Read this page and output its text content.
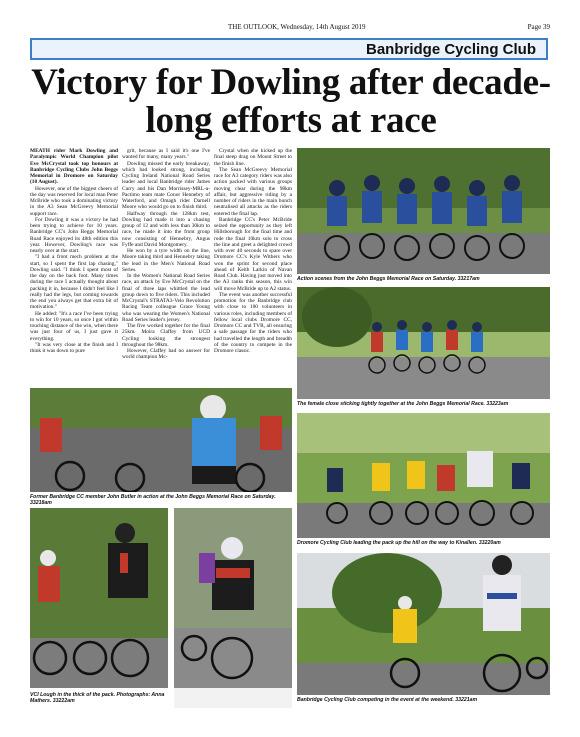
THE OUTLOOK, Wednesday, 14th August 2019	Page 39
Banbridge Cycling Club
Victory for Dowling after decade-long efforts at race

MEATH rider Mark Dowling and Paralympic World Champion pilot Eve McCrystal took top honours at Banbridge Cycling Clubs John Beggs Memorial in Dromore on Saturday (10 August).

However, one of the biggest cheers of the day was reserved for local man Peter McBride who took a dominating victory in the A3 Sean McGreevy Memorial support race.

For Dowling it was a victory he had been trying to achieve for 10 years. Banbridge CC's John Beggs Memorial Road Race enjoyed its 48th edition this year. However, Dowling's race was nearly over at the start.

"I had a front mech problem at the start, so I spent the first lap chasing," Dowling said. "I think I spent most of the day on the back foot. Many times during the race I actually thought about packing it in, because I didn't feel like I really had the legs, but coming towards the end you always get that extra bit of motivation."

He added: "It's a race I've been trying to win for 10 years, so once I got within touching distance of the win, when there was just four of us, I just gave it everything.

"It was very close at the finish and I think it was down to pure

grit, because as I said it's one I've wanted for many, many years."

Dowling missed the early breakaway, which had looked strong, including Cycling Ireland National Road Series leader and local Banbridge rider James Curry and his Dan Morrissey-MRL-a-Pactimo team mate Conor Hennebry of Waterford, and Omagh rider Darnell Moore who would go on to finish third.

Halfway through the 128km test, Dowling had made it into a chasing group of 12 and with less than 30km to race, he made it into the front group now consisting of Hennebry, Angus Fyffe and David Montgomery.

He won by a tyre width on the line, Moore taking third and Hennebry taking the lead in the Men's National Road Series.

In the Women's National Road Series race, an attack by Eve McCrystal on the final of three laps whittled the lead group down to five riders. This included McCrystal's STRATA3-Velo Revolution Racing Team colleague Grace Young who was wearing the Women's National Road Series leader's jersey.

The five worked together for the final 25km. Moira Claffey from UCD Cycling looking the strongest throughout the 98km.

However, Claffey had no answer for world champion Mc-

Crystal when she kicked up the final steep drag on Mount Street to the finish line.

The Sean McGreevy Memorial race for A3 category riders was also action packed with various groups moving clear during the 98km affair, but aggressive riding by a number of riders in the main bunch neutralised all attacks as the riders entered the final lap.

Banbridge CC's Peter McBride seized the opportunity as they left Hillsborough for the final time and rode the final 10km solo to cross the line and greet a delighted crowd with over 40 seconds to spare over Dromore CC's Kyle Withers who won the sprint for second place ahead of Keith Larkin of Navan Road Club. Having just moved into the A3 ranks this season, this win will move McBride up to A2 status.

The event was another successful promotion for the Banbridge club with close to 100 volunteers in various roles, including members of fellow local clubs Dromore CC, Dromore CC and TVR, all ensuring a safe passage for the riders who had travelled the length and breadth of the country to compete in the Dromore classic.

Action scenes from the John Beggs Memorial Race on Saturday. 33217am
The female close sticking tightly together at the John Beggs Memorial Race. 33223am
Former Banbridge CC member John Butler in action at the John Beggs Memorial Race on Saturday. 33218am
Dromore Cycling Club leading the pack up the hill on the way to Kinallen. 33220am
VCI Lough in the thick of the pack. Photographs: Anna Mathers. 33222am	Banbridge Cycling Club competing in the event at the weekend. 33221am
